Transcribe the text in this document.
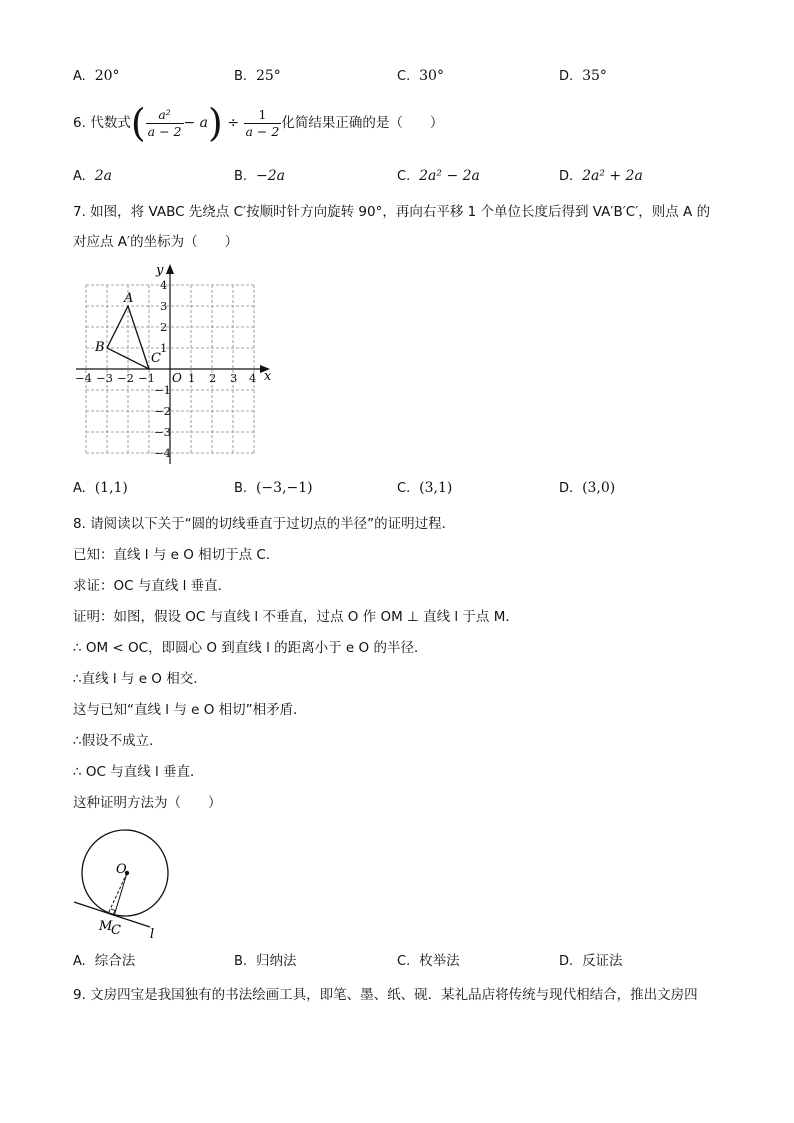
A. 20°	B. 25°	C. 30°	D. 35°
6. 代数式( $\frac{\text{a²}}{a - 2} - a) \div \frac{1}{a - 2}$ 化简结果正确的是（　　）
A. 2a	B. −2a	C. 2a² − 2a	D. 2a² + 2a
7. 如图，将 VABC 先绕点 C′按顺时针方向旋转 90°，再向右平移 1 个单位长度后得到 VA′B′C′，则点 A 的
对应点 A′的坐标为（　　）
x
y
O
−4 −3 −2 −1	1 2 3 4
4
3
2
1
−1
−2
−3
−4
A
B
C
A. (1,1)	B. (−3,−1)	C. (3,1)	D. (3,0)
8. 请阅读以下关于“圆的切线垂直于过切点的半径”的证明过程．
已知：直线 l 与 e O 相切于点 C．
求证：OC 与直线 l 垂直．
证明：如图，假设 OC 与直线 l 不垂直，过点 O 作 OM ⊥ 直线 l 于点 M．
∴ OM < OC，即圆心 O 到直线 l 的距离小于 e O 的半径．
∴直线 l 与 e O 相交．
这与已知“直线 l 与 e O 相切”相矛盾．
∴假设不成立．
∴ OC 与直线 l 垂直．
这种证明方法为（　　）
O
M
C l
A. 综合法	B. 归纳法	C. 枚举法	D. 反证法
9. 文房四宝是我国独有的书法绘画工具，即笔、墨、纸、砚．某礼品店将传统与现代相结合，推出文房四
